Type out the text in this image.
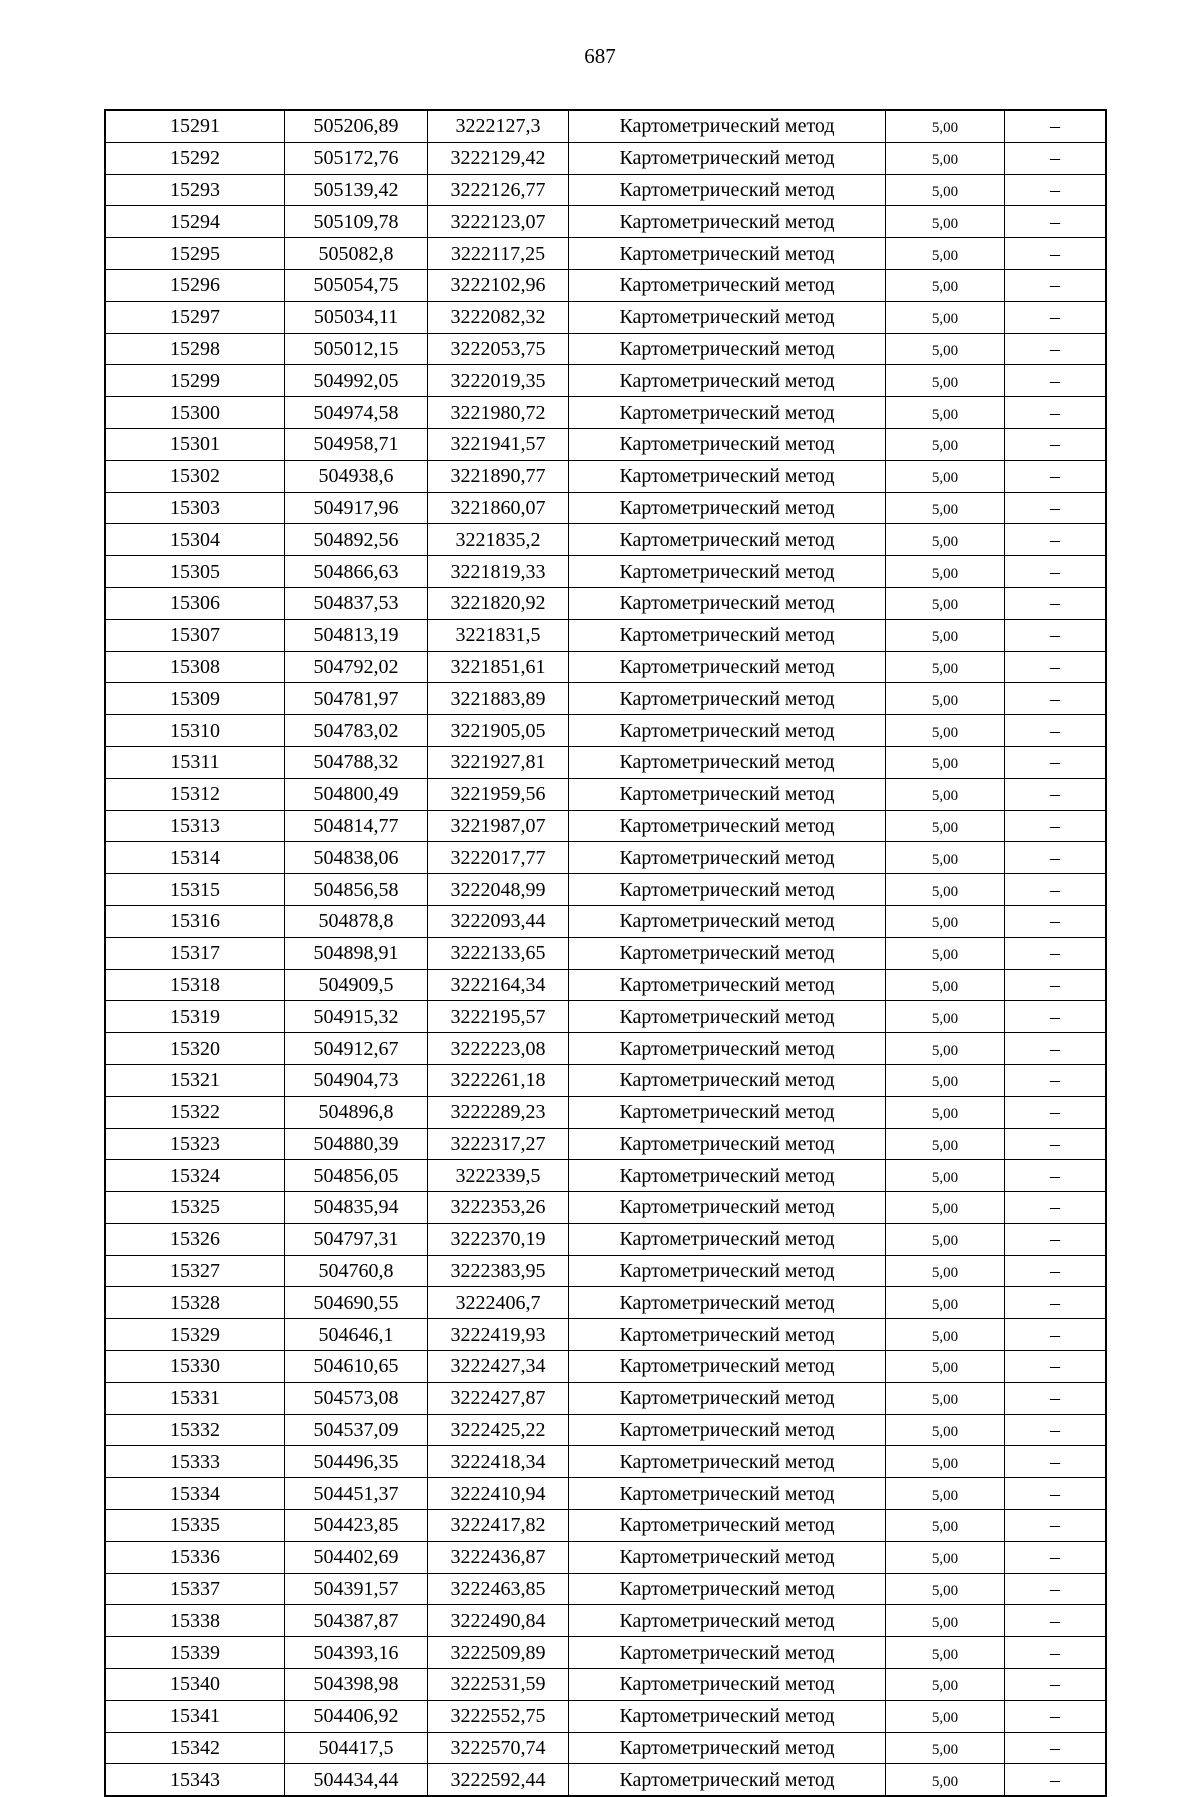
687
15291	505206,89	3222127,3	Картометрический метод	5,00	–
15292	505172,76	3222129,42	Картометрический метод	5,00	–
15293	505139,42	3222126,77	Картометрический метод	5,00	–
15294	505109,78	3222123,07	Картометрический метод	5,00	–
15295	505082,8	3222117,25	Картометрический метод	5,00	–
15296	505054,75	3222102,96	Картометрический метод	5,00	–
15297	505034,11	3222082,32	Картометрический метод	5,00	–
15298	505012,15	3222053,75	Картометрический метод	5,00	–
15299	504992,05	3222019,35	Картометрический метод	5,00	–
15300	504974,58	3221980,72	Картометрический метод	5,00	–
15301	504958,71	3221941,57	Картометрический метод	5,00	–
15302	504938,6	3221890,77	Картометрический метод	5,00	–
15303	504917,96	3221860,07	Картометрический метод	5,00	–
15304	504892,56	3221835,2	Картометрический метод	5,00	–
15305	504866,63	3221819,33	Картометрический метод	5,00	–
15306	504837,53	3221820,92	Картометрический метод	5,00	–
15307	504813,19	3221831,5	Картометрический метод	5,00	–
15308	504792,02	3221851,61	Картометрический метод	5,00	–
15309	504781,97	3221883,89	Картометрический метод	5,00	–
15310	504783,02	3221905,05	Картометрический метод	5,00	–
15311	504788,32	3221927,81	Картометрический метод	5,00	–
15312	504800,49	3221959,56	Картометрический метод	5,00	–
15313	504814,77	3221987,07	Картометрический метод	5,00	–
15314	504838,06	3222017,77	Картометрический метод	5,00	–
15315	504856,58	3222048,99	Картометрический метод	5,00	–
15316	504878,8	3222093,44	Картометрический метод	5,00	–
15317	504898,91	3222133,65	Картометрический метод	5,00	–
15318	504909,5	3222164,34	Картометрический метод	5,00	–
15319	504915,32	3222195,57	Картометрический метод	5,00	–
15320	504912,67	3222223,08	Картометрический метод	5,00	–
15321	504904,73	3222261,18	Картометрический метод	5,00	–
15322	504896,8	3222289,23	Картометрический метод	5,00	–
15323	504880,39	3222317,27	Картометрический метод	5,00	–
15324	504856,05	3222339,5	Картометрический метод	5,00	–
15325	504835,94	3222353,26	Картометрический метод	5,00	–
15326	504797,31	3222370,19	Картометрический метод	5,00	–
15327	504760,8	3222383,95	Картометрический метод	5,00	–
15328	504690,55	3222406,7	Картометрический метод	5,00	–
15329	504646,1	3222419,93	Картометрический метод	5,00	–
15330	504610,65	3222427,34	Картометрический метод	5,00	–
15331	504573,08	3222427,87	Картометрический метод	5,00	–
15332	504537,09	3222425,22	Картометрический метод	5,00	–
15333	504496,35	3222418,34	Картометрический метод	5,00	–
15334	504451,37	3222410,94	Картометрический метод	5,00	–
15335	504423,85	3222417,82	Картометрический метод	5,00	–
15336	504402,69	3222436,87	Картометрический метод	5,00	–
15337	504391,57	3222463,85	Картометрический метод	5,00	–
15338	504387,87	3222490,84	Картометрический метод	5,00	–
15339	504393,16	3222509,89	Картометрический метод	5,00	–
15340	504398,98	3222531,59	Картометрический метод	5,00	–
15341	504406,92	3222552,75	Картометрический метод	5,00	–
15342	504417,5	3222570,74	Картометрический метод	5,00	–
15343	504434,44	3222592,44	Картометрический метод	5,00	–
